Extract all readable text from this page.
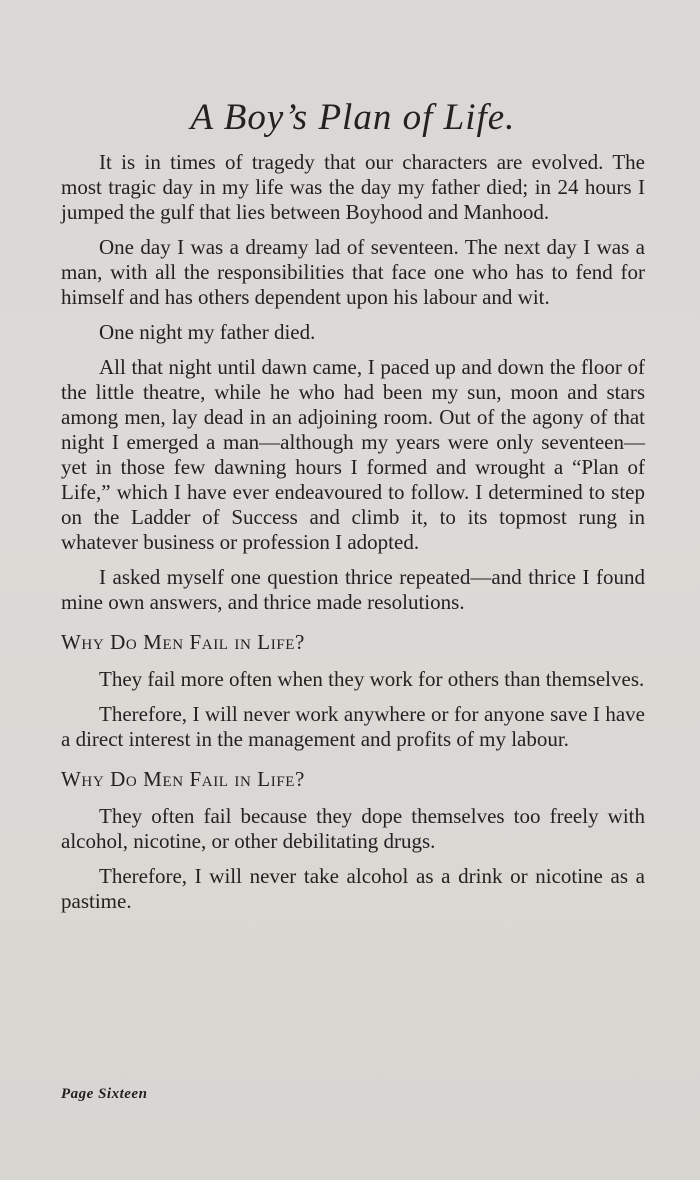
A Boy’s Plan of Life.

It is in times of tragedy that our characters are evolved. The most tragic day in my life was the day my father died; in 24 hours I jumped the gulf that lies between Boyhood and Manhood.

One day I was a dreamy lad of seventeen. The next day I was a man, with all the responsibilities that face one who has to fend for himself and has others dependent upon his labour and wit.

One night my father died.

All that night until dawn came, I paced up and down the floor of the little theatre, while he who had been my sun, moon and stars among men, lay dead in an adjoining room. Out of the agony of that night I emerged a man—although my years were only seventeen—yet in those few dawning hours I formed and wrought a “Plan of Life,” which I have ever endeavoured to follow. I determined to step on the Ladder of Success and climb it, to its topmost rung in whatever business or profession I adopted.

I asked myself one question thrice repeated—and thrice I found mine own answers, and thrice made resolutions.

Why Do Men Fail in Life?

They fail more often when they work for others than themselves.

Therefore, I will never work anywhere or for anyone save I have a direct interest in the management and profits of my labour.

Why Do Men Fail in Life?

They often fail because they dope themselves too freely with alcohol, nicotine, or other debilitating drugs.

Therefore, I will never take alcohol as a drink or nicotine as a pastime.

Page Sixteen
